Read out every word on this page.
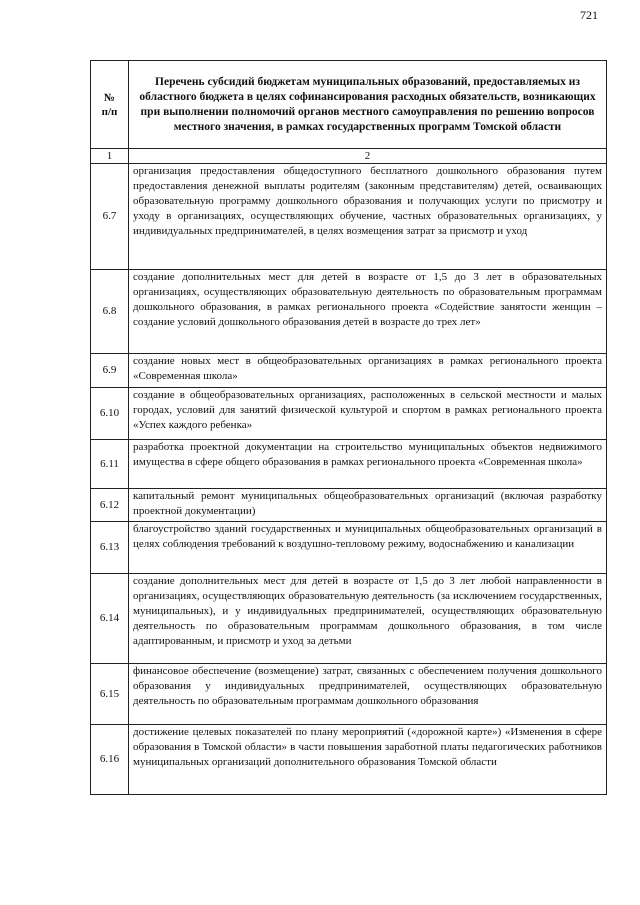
721
№
п/п	Перечень субсидий бюджетам муниципальных образований, предоставляемых из областного бюджета в целях софинансирования расходных обязательств, возникающих при выполнении полномочий органов местного самоуправления по решению вопросов местного значения, в рамках государственных программ Томской области
1	2
6.7	организация предоставления общедоступного бесплатного дошкольного образования путем предоставления денежной выплаты родителям (законным представителям) детей, осваивающих образовательную программу дошкольного образования и получающих услуги по присмотру и уходу в организациях, осуществляющих обучение, частных образовательных организациях, у индивидуальных предпринимателей, в целях возмещения затрат за присмотр и уход
6.8	создание дополнительных мест для детей в возрасте от 1,5 до 3 лет в образовательных организациях, осуществляющих образовательную деятельность по образовательным программам дошкольного образования, в рамках регионального проекта «Содействие занятости женщин – создание условий дошкольного образования детей в возрасте до трех лет»
6.9	создание новых мест в общеобразовательных организациях в рамках регионального проекта «Современная школа»
6.10	создание в общеобразовательных организациях, расположенных в сельской местности и малых городах, условий для занятий физической культурой и спортом в рамках регионального проекта «Успех каждого ребенка»
6.11	разработка проектной документации на строительство муниципальных объектов недвижимого имущества в сфере общего образования в рамках регионального проекта «Современная школа»
6.12	капитальный ремонт муниципальных общеобразовательных организаций (включая разработку проектной документации)
6.13	благоустройство зданий государственных и муниципальных общеобразовательных организаций в целях соблюдения требований к воздушно-тепловому режиму, водоснабжению и канализации
6.14	создание дополнительных мест для детей в возрасте от 1,5 до 3 лет любой направленности в организациях, осуществляющих образовательную деятельность (за исключением государственных, муниципальных), и у индивидуальных предпринимателей, осуществляющих образовательную деятельность по образовательным программам дошкольного образования, в том числе адаптированным, и присмотр и уход за детьми
6.15	финансовое обеспечение (возмещение) затрат, связанных с обеспечением получения дошкольного образования у индивидуальных предпринимателей, осуществляющих образовательную деятельность по образовательным программам дошкольного образования
6.16	достижение целевых показателей по плану мероприятий («дорожной карте») «Изменения в сфере образования в Томской области» в части повышения заработной платы педагогических работников муниципальных организаций дополнительного образования Томской области
